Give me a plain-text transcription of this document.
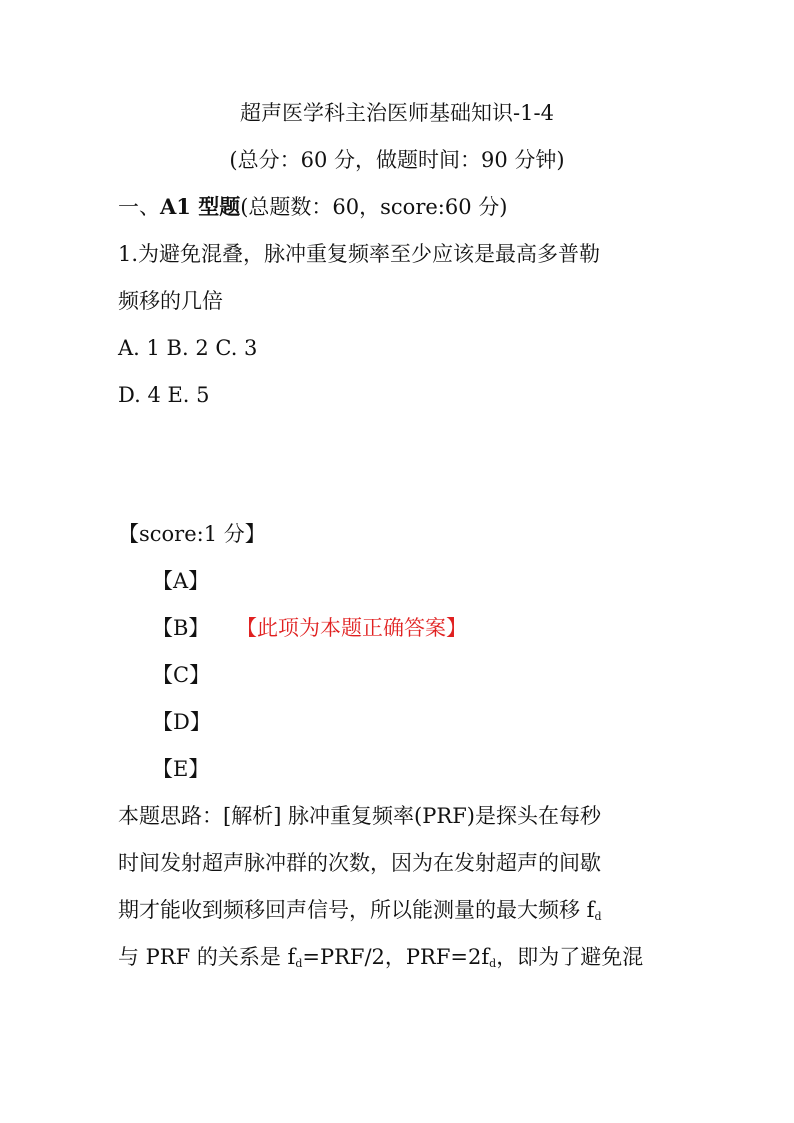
超声医学科主治医师基础知识-1-4
(总分：60 分，做题时间：90 分钟)
一、A1 型题(总题数：60，score:60 分)
1.为避免混叠，脉冲重复频率至少应该是最高多普勒
频移的几倍
A. 1 B. 2 C. 3
D. 4 E. 5
【score:1 分】
【A】
【B】 【此项为本题正确答案】
【C】
【D】
【E】
本题思路：[解析] 脉冲重复频率(PRF)是探头在每秒
时间发射超声脉冲群的次数，因为在发射超声的间歇
期才能收到频移回声信号，所以能测量的最大频移 $f_d$
与 PRF 的关系是 $f_d=PRF/2$，$PRF=2f_d$，即为了避免混
